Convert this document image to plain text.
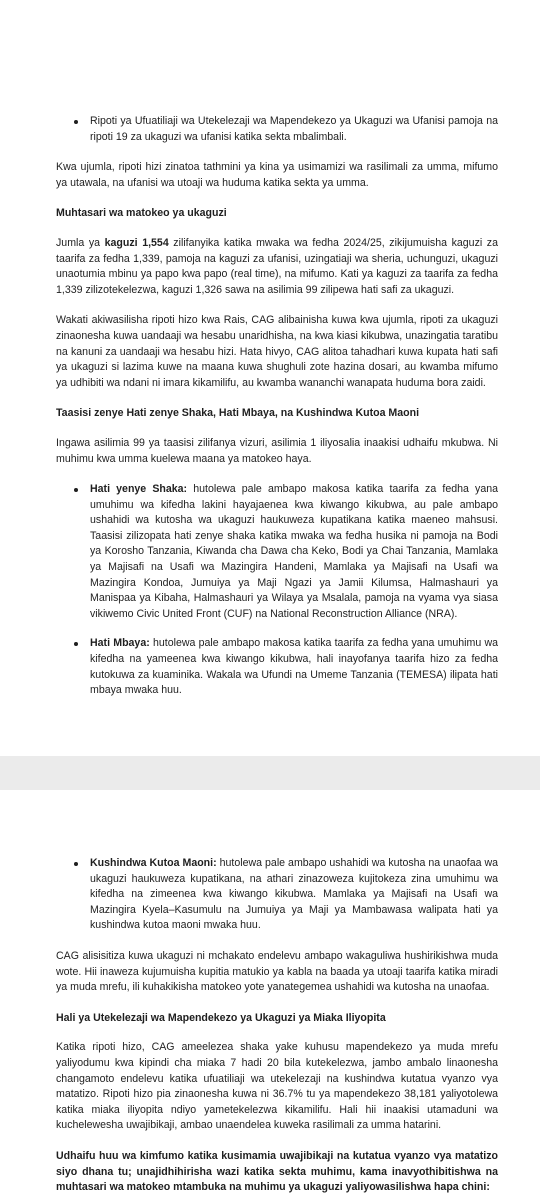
Ripoti ya Ufuatiliaji wa Utekelezaji wa Mapendekezo ya Ukaguzi wa Ufanisi pamoja na ripoti 19 za ukaguzi wa ufanisi katika sekta mbalimbali.

Kwa ujumla, ripoti hizi zinatoa tathmini ya kina ya usimamizi wa rasilimali za umma, mifumo ya utawala, na ufanisi wa utoaji wa huduma katika sekta ya umma.

Muhtasari wa matokeo ya ukaguzi

Jumla ya kaguzi 1,554 zilifanyika katika mwaka wa fedha 2024/25, zikijumuisha kaguzi za taarifa za fedha 1,339, pamoja na kaguzi za ufanisi, uzingatiaji wa sheria, uchunguzi, ukaguzi unaotumia mbinu ya papo kwa papo (real time), na mifumo. Kati ya kaguzi za taarifa za fedha 1,339 zilizotekelezwa, kaguzi 1,326 sawa na asilimia 99 zilipewa hati safi za ukaguzi.

Wakati akiwasilisha ripoti hizo kwa Rais, CAG alibainisha kuwa kwa ujumla, ripoti za ukaguzi zinaonesha kuwa uandaaji wa hesabu unaridhisha, na kwa kiasi kikubwa, unazingatia taratibu na kanuni za uandaaji wa hesabu hizi. Hata hivyo, CAG alitoa tahadhari kuwa kupata hati safi ya ukaguzi si lazima kuwe na maana kuwa shughuli zote hazina dosari, au kwamba mifumo ya udhibiti wa ndani ni imara kikamilifu, au kwamba wananchi wanapata huduma bora zaidi.

Taasisi zenye Hati zenye Shaka, Hati Mbaya, na Kushindwa Kutoa Maoni

Ingawa asilimia 99 ya taasisi zilifanya vizuri, asilimia 1 iliyosalia inaakisi udhaifu mkubwa. Ni muhimu kwa umma kuelewa maana ya matokeo haya.

Hati yenye Shaka: hutolewa pale ambapo makosa katika taarifa za fedha yana umuhimu wa kifedha lakini hayajaenea kwa kiwango kikubwa, au pale ambapo ushahidi wa kutosha wa ukaguzi haukuweza kupatikana katika maeneo mahsusi. Taasisi zilizopata hati zenye shaka katika mwaka wa fedha husika ni pamoja na Bodi ya Korosho Tanzania, Kiwanda cha Dawa cha Keko, Bodi ya Chai Tanzania, Mamlaka ya Majisafi na Usafi wa Mazingira Handeni, Mamlaka ya Majisafi na Usafi wa Mazingira Kondoa, Jumuiya ya Maji Ngazi ya Jamii Kilumsa, Halmashauri ya Manispaa ya Kibaha, Halmashauri ya Wilaya ya Msalala, pamoja na vyama vya siasa vikiwemo Civic United Front (CUF) na National Reconstruction Alliance (NRA).

Hati Mbaya: hutolewa pale ambapo makosa katika taarifa za fedha yana umuhimu wa kifedha na yameenea kwa kiwango kikubwa, hali inayofanya taarifa hizo za fedha kutokuwa za kuaminika. Wakala wa Ufundi na Umeme Tanzania (TEMESA) ilipata hati mbaya mwaka huu.

Kushindwa Kutoa Maoni: hutolewa pale ambapo ushahidi wa kutosha na unaofaa wa ukaguzi haukuweza kupatikana, na athari zinazoweza kujitokeza zina umuhimu wa kifedha na zimeenea kwa kiwango kikubwa. Mamlaka ya Majisafi na Usafi wa Mazingira Kyela–Kasumulu na Jumuiya ya Maji ya Mambawasa walipata hati ya kushindwa kutoa maoni mwaka huu.

CAG alisisitiza kuwa ukaguzi ni mchakato endelevu ambapo wakaguliwa hushirikishwa muda wote. Hii inaweza kujumuisha kupitia matukio ya kabla na baada ya utoaji taarifa katika miradi ya muda mrefu, ili kuhakikisha matokeo yote yanategemea ushahidi wa kutosha na unaofaa.

Hali ya Utekelezaji wa Mapendekezo ya Ukaguzi ya Miaka Iliyopita

Katika ripoti hizo, CAG ameelezea shaka yake kuhusu mapendekezo ya muda mrefu yaliyodumu kwa kipindi cha miaka 7 hadi 20 bila kutekelezwa, jambo ambalo linaonesha changamoto endelevu katika ufuatiliaji wa utekelezaji na kushindwa kutatua vyanzo vya matatizo. Ripoti hizo pia zinaonesha kuwa ni 36.7% tu ya mapendekezo 38,181 yaliyotolewa katika miaka iliyopita ndiyo yametekelezwa kikamilifu. Hali hii inaakisi utamaduni wa kuchelewesha uwajibikaji, ambao unaendelea kuweka rasilimali za umma hatarini.

Udhaifu huu wa kimfumo katika kusimamia uwajibikaji na kutatua vyanzo vya matatizo siyo dhana tu; unajidhihirisha wazi katika sekta muhimu, kama inavyothibitishwa na muhtasari wa matokeo mtambuka na muhimu ya ukaguzi yaliyowasilishwa hapa chini:
